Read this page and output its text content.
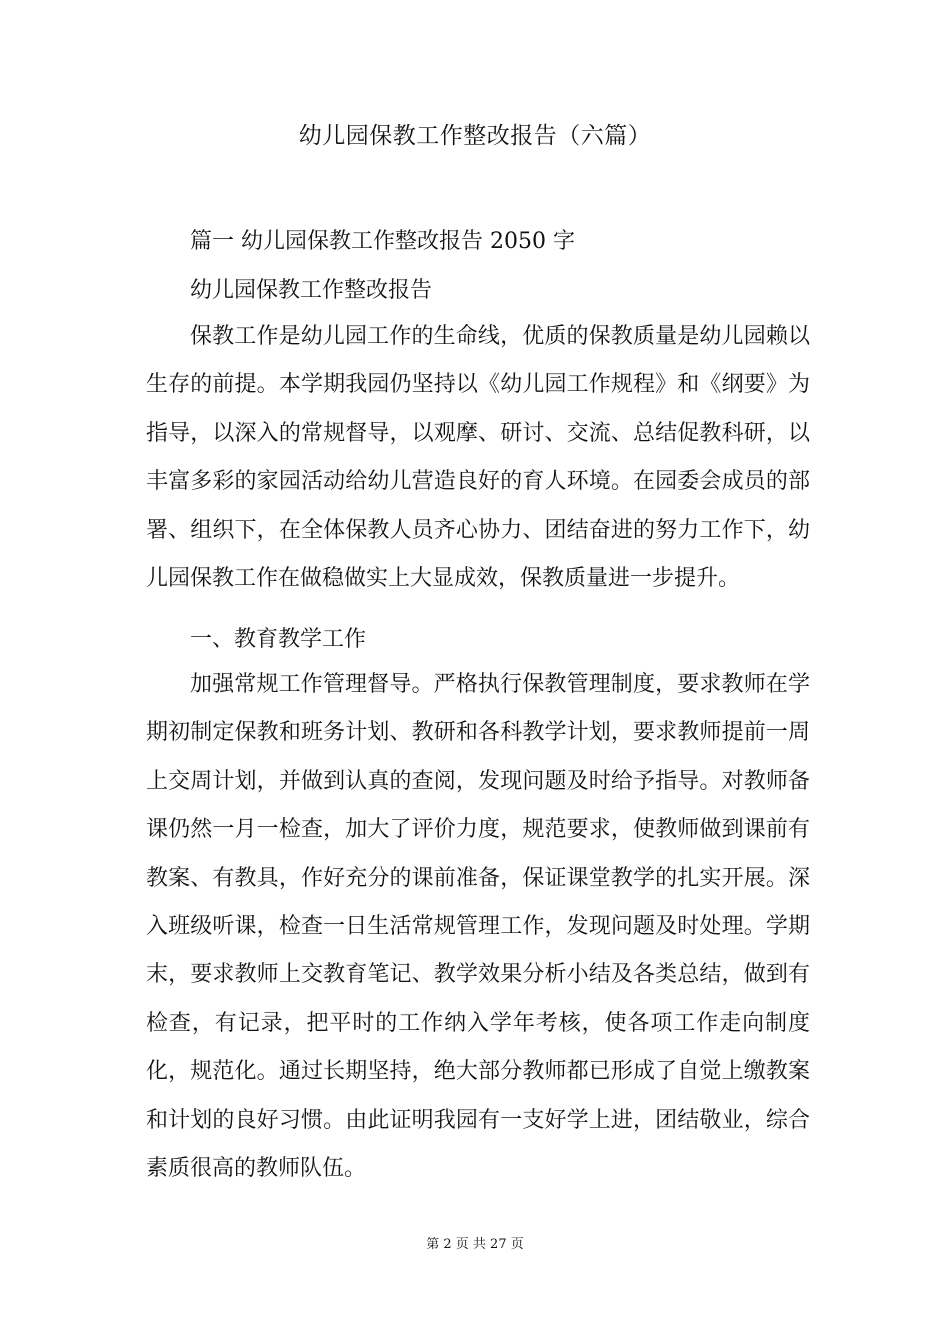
幼儿园保教工作整改报告（六篇）
篇一 幼儿园保教工作整改报告 2050 字
幼儿园保教工作整改报告

保教工作是幼儿园工作的生命线，优质的保教质量是幼儿园赖以生存的前提。本学期我园仍坚持以《幼儿园工作规程》和《纲要》为指导，以深入的常规督导，以观摩、研讨、交流、总结促教科研，以丰富多彩的家园活动给幼儿营造良好的育人环境。在园委会成员的部署、组织下，在全体保教人员齐心协力、团结奋进的努力工作下，幼儿园保教工作在做稳做实上大显成效，保教质量进一步提升。

一、教育教学工作

加强常规工作管理督导。严格执行保教管理制度，要求教师在学期初制定保教和班务计划、教研和各科教学计划，要求教师提前一周上交周计划，并做到认真的查阅，发现问题及时给予指导。对教师备课仍然一月一检查，加大了评价力度，规范要求，使教师做到课前有教案、有教具，作好充分的课前准备，保证课堂教学的扎实开展。深入班级听课，检查一日生活常规管理工作，发现问题及时处理。学期末，要求教师上交教育笔记、教学效果分析小结及各类总结，做到有检查，有记录，把平时的工作纳入学年考核，使各项工作走向制度化，规范化。通过长期坚持，绝大部分教师都已形成了自觉上缴教案和计划的良好习惯。由此证明我园有一支好学上进，团结敬业，综合素质很高的教师队伍。

第 2 页 共 27 页
